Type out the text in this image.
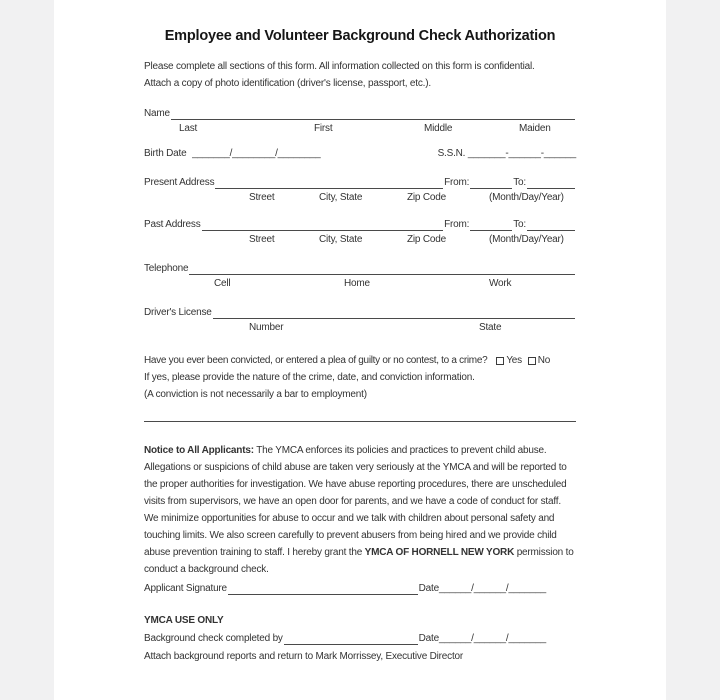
Employee and Volunteer Background Check Authorization
Please complete all sections of this form. All information collected on this form is confidential.
Attach a copy of photo identification (driver's license, passport, etc.).
Name
Last	First	Middle	Maiden
Birth Date _______/________/________	S.S.N. _______-______-______
Present Address	From:	To:
Street	City, State	Zip Code	(Month/Day/Year)
Past Address	From:	To:
Street	City, State	Zip Code	(Month/Day/Year)
Telephone
Cell	Home	Work
Driver's License
Number	State
Have you ever been convicted, or entered a plea of guilty or no contest, to a crime? Yes No
If yes, please provide the nature of the crime, date, and conviction information.
(A conviction is not necessarily a bar to employment)

Notice to All Applicants: The YMCA enforces its policies and practices to prevent child abuse. Allegations or suspicions of child abuse are taken very seriously at the YMCA and will be reported to the proper authorities for investigation. We have abuse reporting procedures, there are unscheduled visits from supervisors, we have an open door for parents, and we have a code of conduct for staff. We minimize opportunities for abuse to occur and we talk with children about personal safety and touching limits. We also screen carefully to prevent abusers from being hired and we provide child abuse prevention training to staff. I hereby grant the YMCA OF HORNELL NEW YORK permission to conduct a background check.

Applicant Signature	Date ______/______/_______
YMCA USE ONLY
Background check completed by	Date ______/______/_______
Attach background reports and return to Mark Morrissey, Executive Director
